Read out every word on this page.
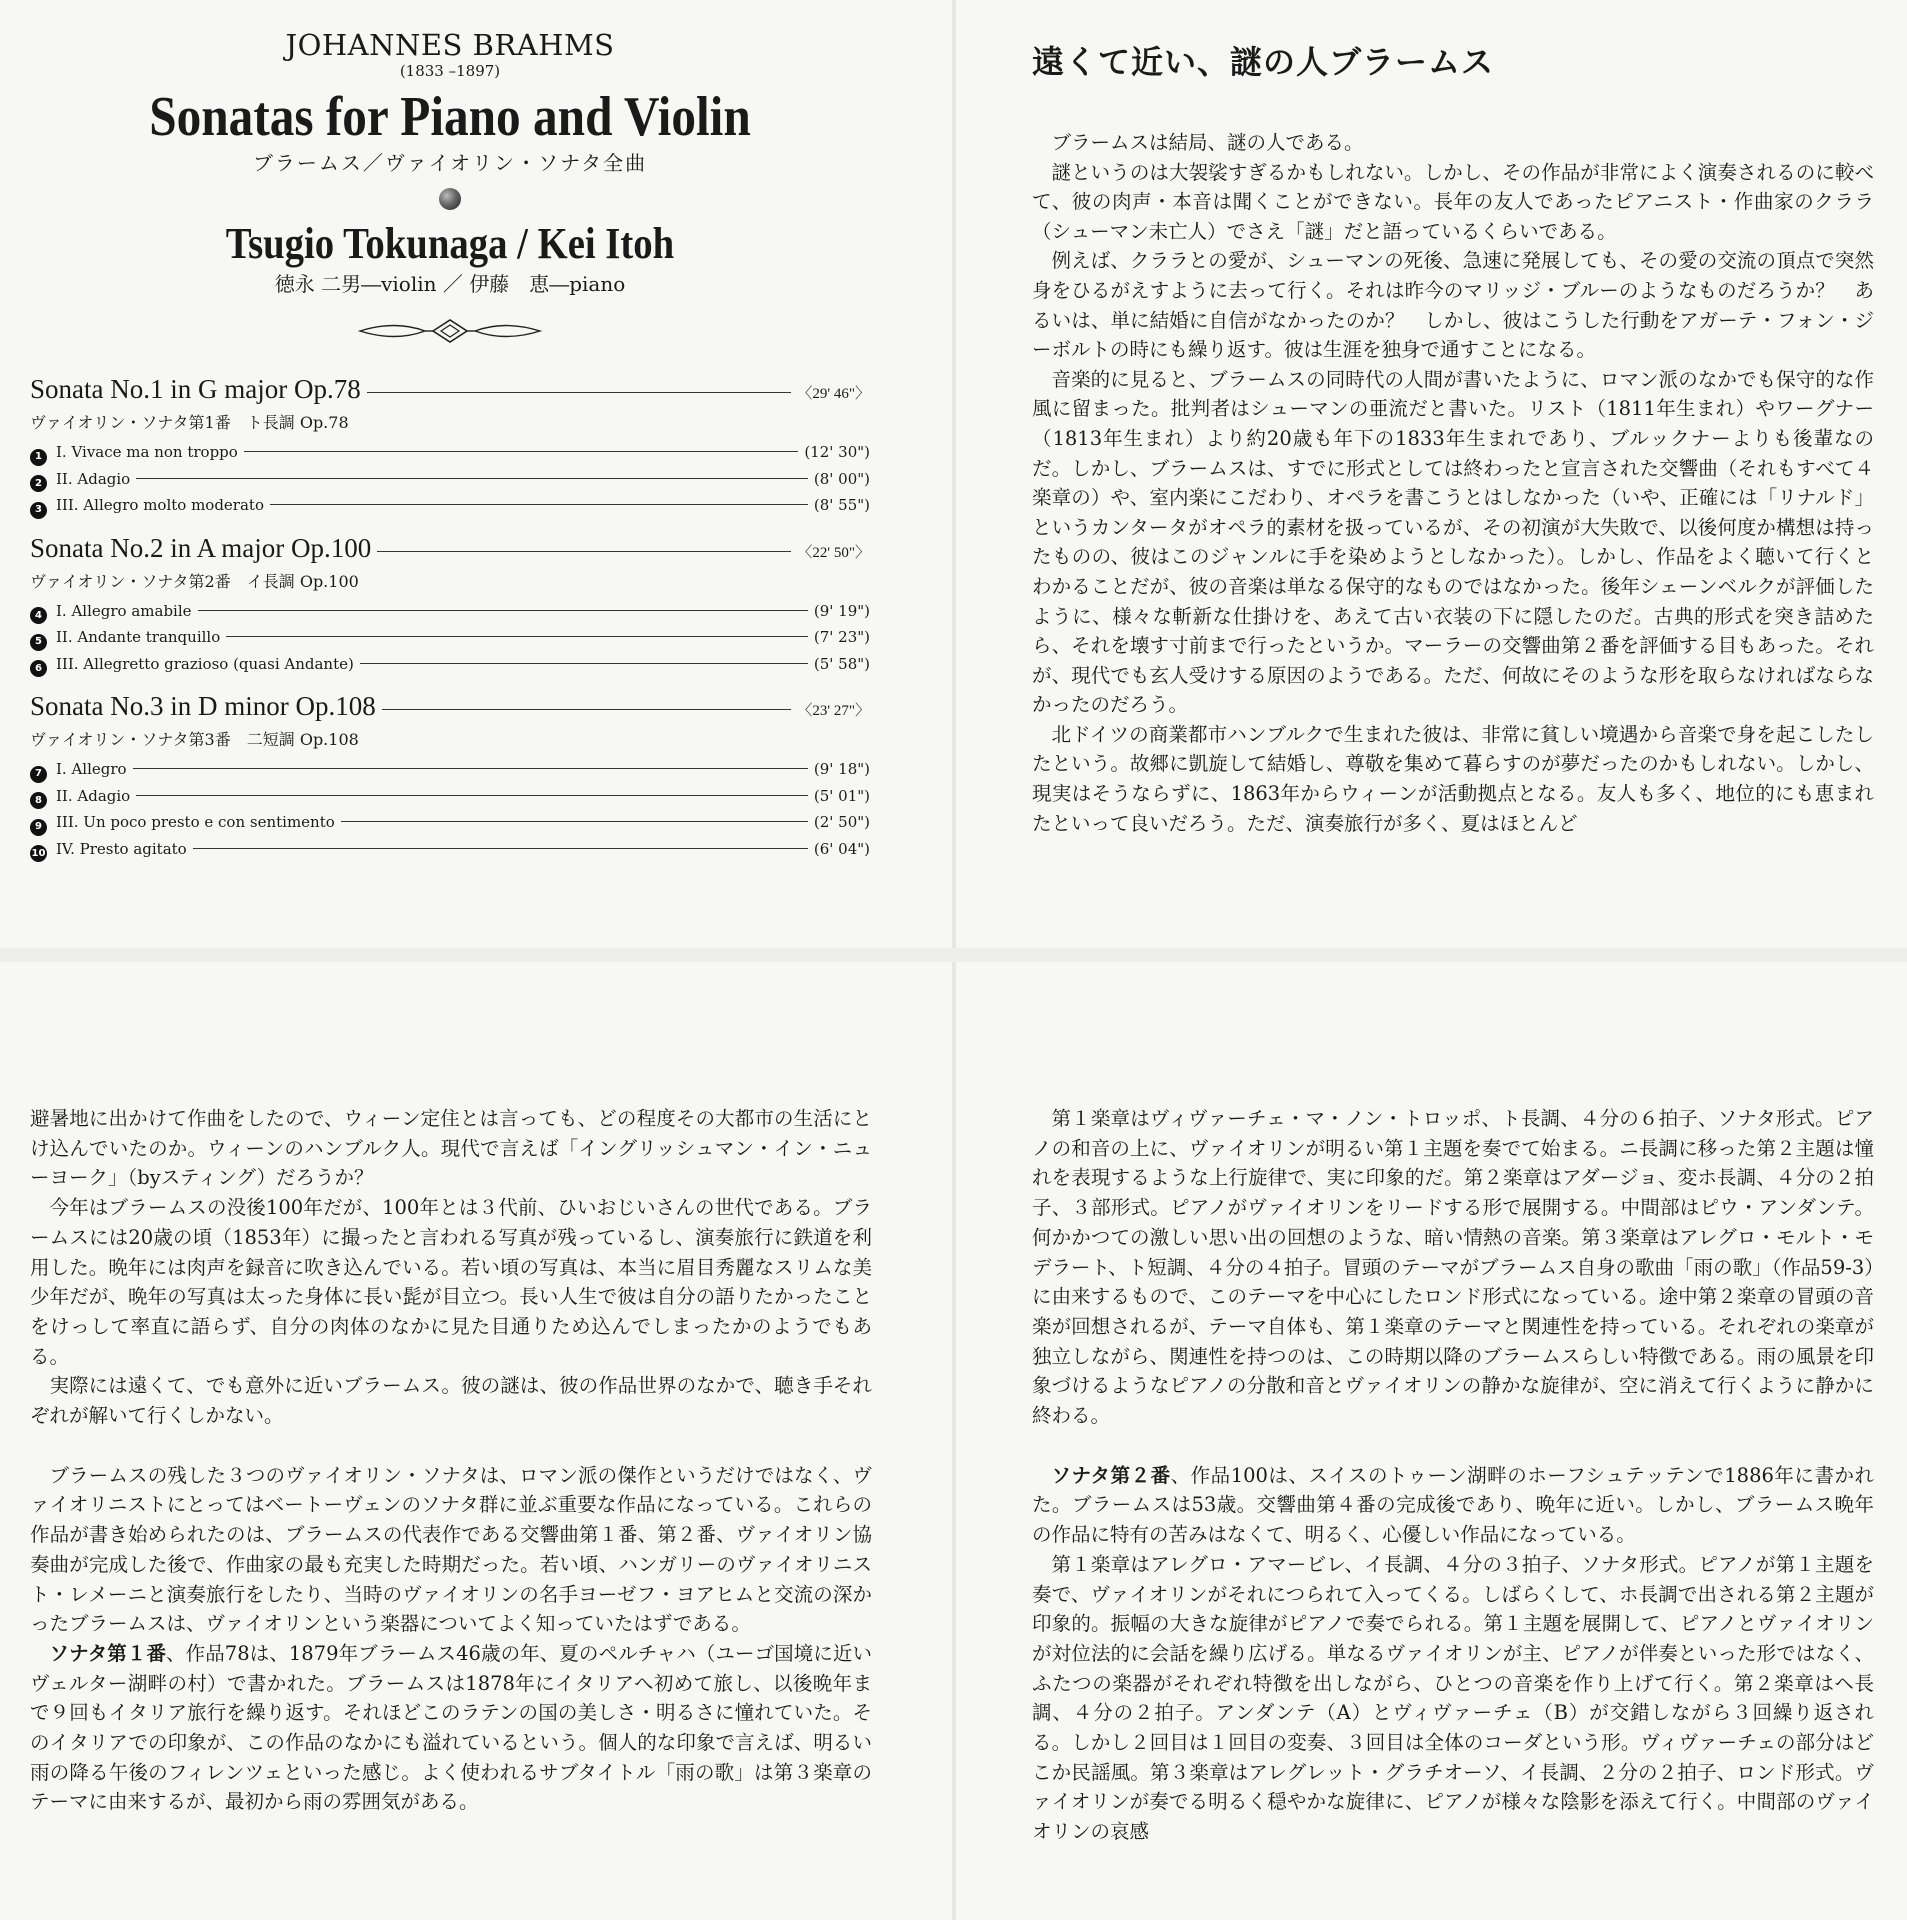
JOHANNES BRAHMS
(1833 –1897)
Sonatas for Piano and Violin
ブラームス／ヴァイオリン・ソナタ全曲
Tsugio Tokunaga / Kei Itoh
徳永 二男―violin ／ 伊藤　恵―piano
Sonata No.1 in G major Op.78	〈29' 46"〉
ヴァイオリン・ソナタ第1番　ト長調 Op.78
1 I. Vivace ma non troppo	(12' 30")
2 II. Adagio	(8' 00")
3 III. Allegro molto moderato	(8' 55")
Sonata No.2 in A major Op.100	〈22' 50"〉
ヴァイオリン・ソナタ第2番　イ長調 Op.100
4 I. Allegro amabile	(9' 19")
5 II. Andante tranquillo	(7' 23")
6 III. Allegretto grazioso (quasi Andante)	(5' 58")
Sonata No.3 in D minor Op.108	〈23' 27"〉
ヴァイオリン・ソナタ第3番　二短調 Op.108
7 I. Allegro	(9' 18")
8 II. Adagio	(5' 01")
9 III. Un poco presto e con sentimento	(2' 50")
10 IV. Presto agitato	(6' 04")
遠くて近い、謎の人ブラームス

ブラームスは結局、謎の人である。

謎というのは大袈裟すぎるかもしれない。しかし、その作品が非常によく演奏されるのに較べて、彼の肉声・本音は聞くことができない。長年の友人であったピアニスト・作曲家のクララ（シューマン未亡人）でさえ「謎」だと語っているくらいである。

例えば、クララとの愛が、シューマンの死後、急速に発展しても、その愛の交流の頂点で突然身をひるがえすように去って行く。それは昨今のマリッジ・ブルーのようなものだろうか？　あるいは、単に結婚に自信がなかったのか？　しかし、彼はこうした行動をアガーテ・フォン・ジーボルトの時にも繰り返す。彼は生涯を独身で通すことになる。

音楽的に見ると、ブラームスの同時代の人間が書いたように、ロマン派のなかでも保守的な作風に留まった。批判者はシューマンの亜流だと書いた。リスト（1811年生まれ）やワーグナー（1813年生まれ）より約20歳も年下の1833年生まれであり、ブルックナーよりも後輩なのだ。しかし、ブラームスは、すでに形式としては終わったと宣言された交響曲（それもすべて４楽章の）や、室内楽にこだわり、オペラを書こうとはしなかった（いや、正確には「リナルド」というカンタータがオペラ的素材を扱っているが、その初演が大失敗で、以後何度か構想は持ったものの、彼はこのジャンルに手を染めようとしなかった）。しかし、作品をよく聴いて行くとわかることだが、彼の音楽は単なる保守的なものではなかった。後年シェーンベルクが評価したように、様々な斬新な仕掛けを、あえて古い衣装の下に隠したのだ。古典的形式を突き詰めたら、それを壊す寸前まで行ったというか。マーラーの交響曲第２番を評価する目もあった。それが、現代でも玄人受けする原因のようである。ただ、何故にそのような形を取らなければならなかったのだろう。

北ドイツの商業都市ハンブルクで生まれた彼は、非常に貧しい境遇から音楽で身を起こしたしたという。故郷に凱旋して結婚し、尊敬を集めて暮らすのが夢だったのかもしれない。しかし、現実はそうならずに、1863年からウィーンが活動拠点となる。友人も多く、地位的にも恵まれたといって良いだろう。ただ、演奏旅行が多く、夏はほとんど

避暑地に出かけて作曲をしたので、ウィーン定住とは言っても、どの程度その大都市の生活にとけ込んでいたのか。ウィーンのハンブルク人。現代で言えば「イングリッシュマン・イン・ニューヨーク」（byスティング）だろうか？

今年はブラームスの没後100年だが、100年とは３代前、ひいおじいさんの世代である。ブラームスには20歳の頃（1853年）に撮ったと言われる写真が残っているし、演奏旅行に鉄道を利用した。晩年には肉声を録音に吹き込んでいる。若い頃の写真は、本当に眉目秀麗なスリムな美少年だが、晩年の写真は太った身体に長い髭が目立つ。長い人生で彼は自分の語りたかったことをけっして率直に語らず、自分の肉体のなかに見た目通りため込んでしまったかのようでもある。

実際には遠くて、でも意外に近いブラームス。彼の謎は、彼の作品世界のなかで、聴き手それぞれが解いて行くしかない。

ブラームスの残した３つのヴァイオリン・ソナタは、ロマン派の傑作というだけではなく、ヴァイオリニストにとってはベートーヴェンのソナタ群に並ぶ重要な作品になっている。これらの作品が書き始められたのは、ブラームスの代表作である交響曲第１番、第２番、ヴァイオリン協奏曲が完成した後で、作曲家の最も充実した時期だった。若い頃、ハンガリーのヴァイオリニスト・レメーニと演奏旅行をしたり、当時のヴァイオリンの名手ヨーゼフ・ヨアヒムと交流の深かったブラームスは、ヴァイオリンという楽器についてよく知っていたはずである。

ソナタ第１番、作品78は、1879年ブラームス46歳の年、夏のペルチャハ（ユーゴ国境に近いヴェルター湖畔の村）で書かれた。ブラームスは1878年にイタリアへ初めて旅し、以後晩年まで９回もイタリア旅行を繰り返す。それほどこのラテンの国の美しさ・明るさに憧れていた。そのイタリアでの印象が、この作品のなかにも溢れているという。個人的な印象で言えば、明るい雨の降る午後のフィレンツェといった感じ。よく使われるサブタイトル「雨の歌」は第３楽章のテーマに由来するが、最初から雨の雰囲気がある。

第１楽章はヴィヴァーチェ・マ・ノン・トロッポ、ト長調、４分の６拍子、ソナタ形式。ピアノの和音の上に、ヴァイオリンが明るい第１主題を奏でて始まる。ニ長調に移った第２主題は憧れを表現するような上行旋律で、実に印象的だ。第２楽章はアダージョ、変ホ長調、４分の２拍子、３部形式。ピアノがヴァイオリンをリードする形で展開する。中間部はピウ・アンダンテ。何かかつての激しい思い出の回想のような、暗い情熱の音楽。第３楽章はアレグロ・モルト・モデラート、ト短調、４分の４拍子。冒頭のテーマがブラームス自身の歌曲「雨の歌」（作品59-3）に由来するもので、このテーマを中心にしたロンド形式になっている。途中第２楽章の冒頭の音楽が回想されるが、テーマ自体も、第１楽章のテーマと関連性を持っている。それぞれの楽章が独立しながら、関連性を持つのは、この時期以降のブラームスらしい特徴である。雨の風景を印象づけるようなピアノの分散和音とヴァイオリンの静かな旋律が、空に消えて行くように静かに終わる。

ソナタ第２番、作品100は、スイスのトゥーン湖畔のホーフシュテッテンで1886年に書かれた。ブラームスは53歳。交響曲第４番の完成後であり、晩年に近い。しかし、ブラームス晩年の作品に特有の苦みはなくて、明るく、心優しい作品になっている。

第１楽章はアレグロ・アマービレ、イ長調、４分の３拍子、ソナタ形式。ピアノが第１主題を奏で、ヴァイオリンがそれにつられて入ってくる。しばらくして、ホ長調で出される第２主題が印象的。振幅の大きな旋律がピアノで奏でられる。第１主題を展開して、ピアノとヴァイオリンが対位法的に会話を繰り広げる。単なるヴァイオリンが主、ピアノが伴奏といった形ではなく、ふたつの楽器がそれぞれ特徴を出しながら、ひとつの音楽を作り上げて行く。第２楽章はヘ長調、４分の２拍子。アンダンテ（A）とヴィヴァーチェ（B）が交錯しながら３回繰り返される。しかし２回目は１回目の変奏、３回目は全体のコーダという形。ヴィヴァーチェの部分はどこか民謡風。第３楽章はアレグレット・グラチオーソ、イ長調、２分の２拍子、ロンド形式。ヴァイオリンが奏でる明るく穏やかな旋律に、ピアノが様々な陰影を添えて行く。中間部のヴァイオリンの哀感
